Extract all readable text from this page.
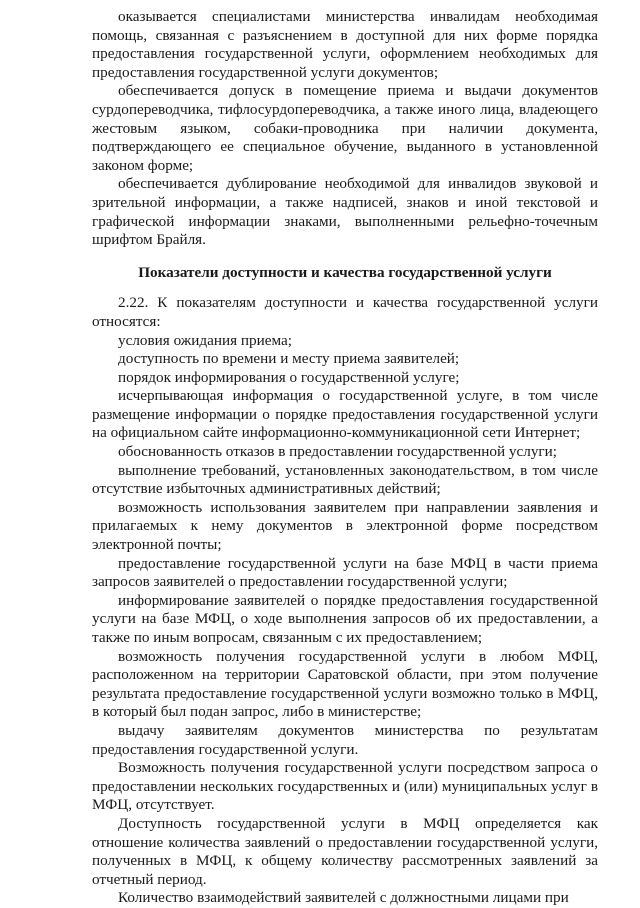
оказывается специалистами министерства инвалидам необходимая помощь, связанная с разъяснением в доступной для них форме порядка предоставления государственной услуги, оформлением необходимых для предоставления государственной услуги документов;

обеспечивается допуск в помещение приема и выдачи документов сурдопереводчика, тифлосурдопереводчика, а также иного лица, владеющего жестовым языком, собаки-проводника при наличии документа, подтверждающего ее специальное обучение, выданного в установленной законом форме;

обеспечивается дублирование необходимой для инвалидов звуковой и зрительной информации, а также надписей, знаков и иной текстовой и графической информации знаками, выполненными рельефно-точечным шрифтом Брайля.

Показатели доступности и качества государственной услуги

2.22. К показателям доступности и качества государственной услуги относятся:

условия ожидания приема;

доступность по времени и месту приема заявителей;

порядок информирования о государственной услуге;

исчерпывающая информация о государственной услуге, в том числе размещение информации о порядке предоставления государственной услуги на официальном сайте информационно-коммуникационной сети Интернет;

обоснованность отказов в предоставлении государственной услуги;

выполнение требований, установленных законодательством, в том числе отсутствие избыточных административных действий;

возможность использования заявителем при направлении заявления и прилагаемых к нему документов в электронной форме посредством электронной почты;

предоставление государственной услуги на базе МФЦ в части приема запросов заявителей о предоставлении государственной услуги;

информирование заявителей о порядке предоставления государственной услуги на базе МФЦ, о ходе выполнения запросов об их предоставлении, а также по иным вопросам, связанным с их предоставлением;

возможность получения государственной услуги в любом МФЦ, расположенном на территории Саратовской области, при этом получение результата предоставление государственной услуги возможно только в МФЦ, в который был подан запрос, либо в министерстве;

выдачу заявителям документов министерства по результатам предоставления государственной услуги.

Возможность получения государственной услуги посредством запроса о предоставлении нескольких государственных и (или) муниципальных услуг в МФЦ, отсутствует.

Доступность государственной услуги в МФЦ определяется как отношение количества заявлений о предоставлении государственной услуги, полученных в МФЦ, к общему количеству рассмотренных заявлений за отчетный период.

Количество взаимодействий заявителей с должностными лицами при
